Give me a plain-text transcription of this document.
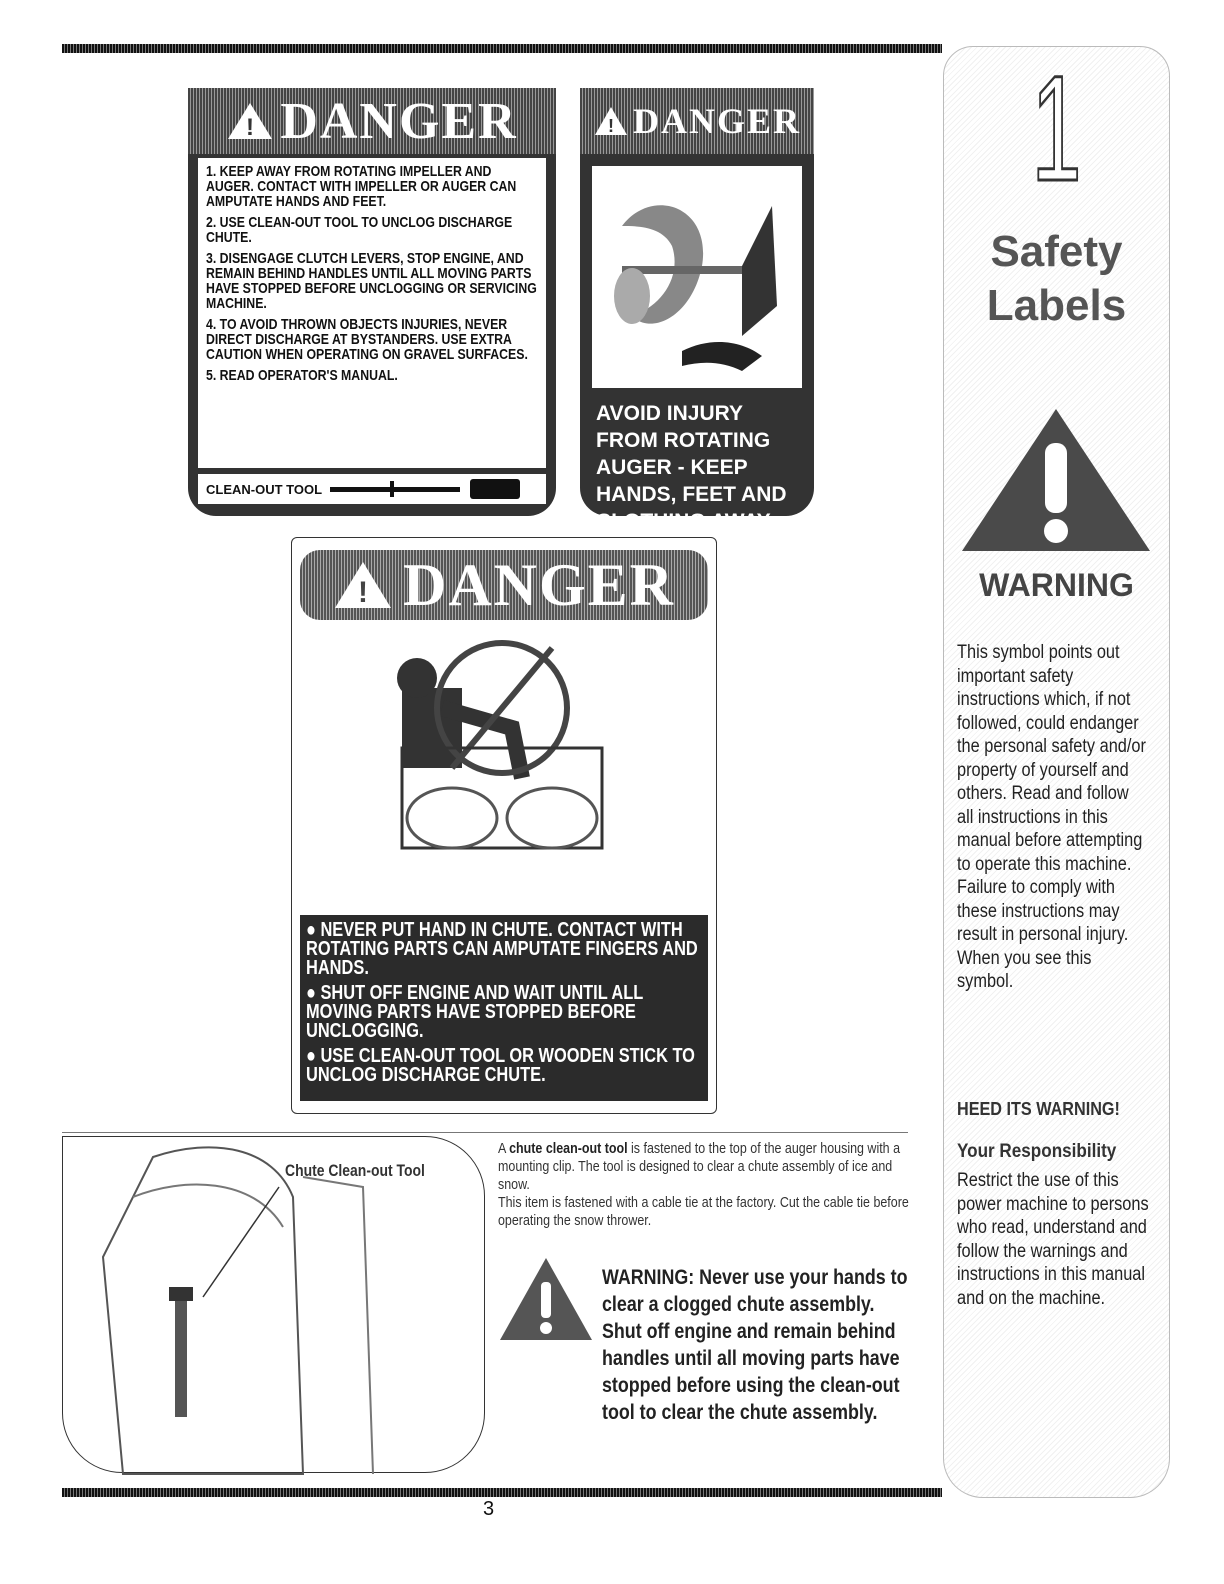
! DANGER
1. KEEP AWAY FROM ROTATING IMPELLER AND AUGER. CONTACT WITH IMPELLER OR AUGER CAN AMPUTATE HANDS AND FEET.
2. USE CLEAN-OUT TOOL TO UNCLOG DISCHARGE CHUTE.
3. DISENGAGE CLUTCH LEVERS, STOP ENGINE, AND REMAIN BEHIND HANDLES UNTIL ALL MOVING PARTS HAVE STOPPED BEFORE UNCLOGGING OR SERVICING MACHINE.
4. TO AVOID THROWN OBJECTS INJURIES, NEVER DIRECT DISCHARGE AT BYSTANDERS. USE EXTRA CAUTION WHEN OPERATING ON GRAVEL SURFACES.
5. READ OPERATOR'S MANUAL.
CLEAN-OUT TOOL
! DANGER
AVOID INJURY FROM ROTATING AUGER - KEEP HANDS, FEET AND CLOTHING AWAY.
! DANGER
● NEVER PUT HAND IN CHUTE. CONTACT WITH ROTATING PARTS CAN AMPUTATE FINGERS AND HANDS.
● SHUT OFF ENGINE AND WAIT UNTIL ALL MOVING PARTS HAVE STOPPED BEFORE UNCLOGGING.
● USE CLEAN-OUT TOOL OR WOODEN STICK TO UNCLOG DISCHARGE CHUTE.
Chute Clean-out Tool
A chute clean-out tool is fastened to the top of the auger housing with a mounting clip. The tool is designed to clear a chute assembly of ice and snow.
This item is fastened with a cable tie at the factory. Cut the cable tie before operating the snow thrower.
WARNING: Never use your hands to clear a clogged chute assembly. Shut off engine and remain behind handles until all moving parts have stopped before using the clean-out tool to clear the chute assembly.
3
1
Safety
Labels
WARNING
This symbol points out important safety instructions which, if not followed, could endanger the personal safety and/or property of yourself and others. Read and follow all instructions in this manual before attempting to operate this machine. Failure to comply with these instructions may result in personal injury. When you see this symbol.
HEED ITS WARNING!
Your Responsibility
Restrict the use of this power machine to persons who read, understand and follow the warnings and instructions in this manual and on the machine.
